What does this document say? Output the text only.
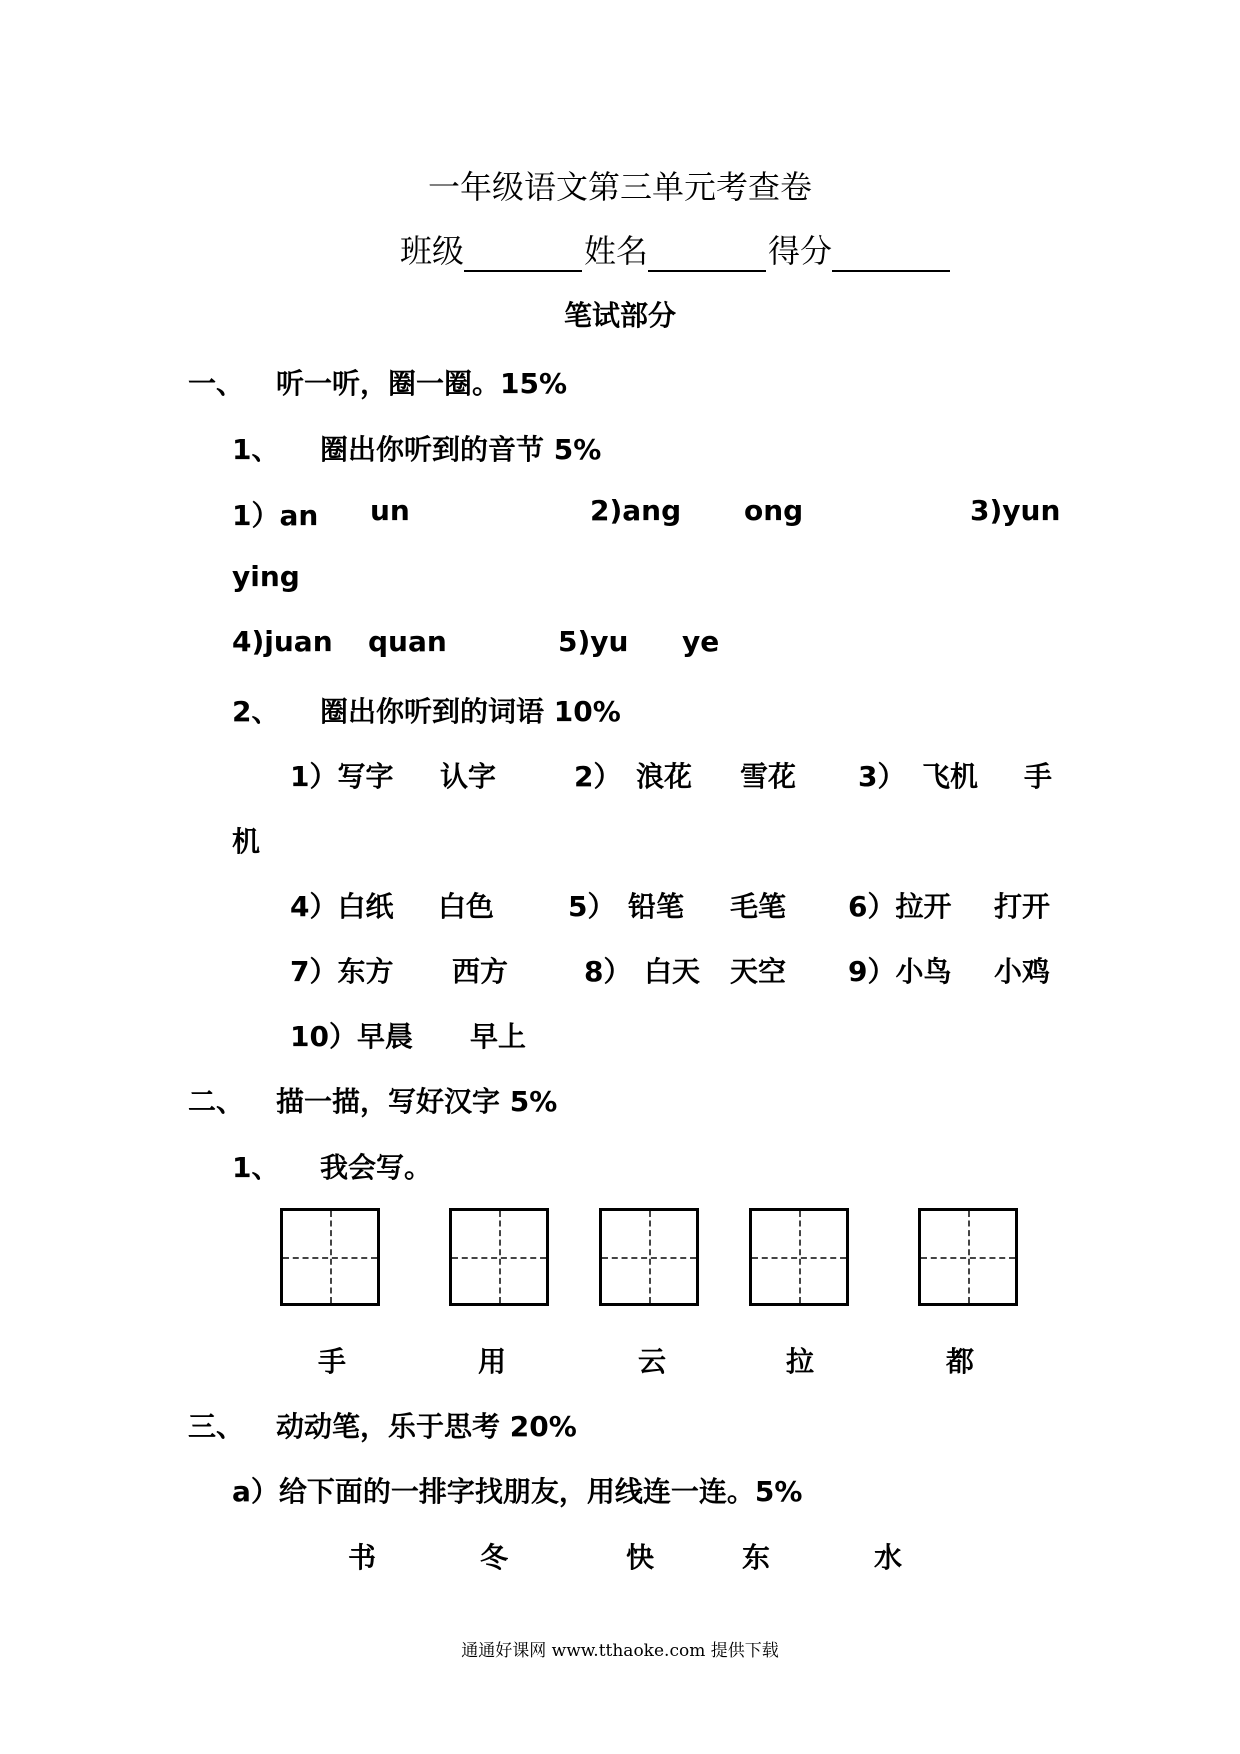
一年级语文第三单元考查卷
班级	姓名	得分
笔试部分
一、 听一听，圈一圈。15%
1、 圈出你听到的音节 5%
1）an un	2)ang ong	3)yun
ying
4)juan quan	5)yu ye
2、 圈出你听到的词语 10%
1）写字 认字	2） 浪花 雪花 3） 飞机 手
机
4）白纸 白色	5） 铅笔 毛笔 6）拉开 打开
7）东方 西方	8） 白天 天空 9）小鸟 小鸡
10）早晨 早上
二、 描一描，写好汉字 5%
1、 我会写。
手	用	云	拉	都
三、 动动笔，乐于思考 20%
a）给下面的一排字找朋友，用线连一连。5%
书	冬	快	东	水
通通好课网 www.tthaoke.com 提供下载
